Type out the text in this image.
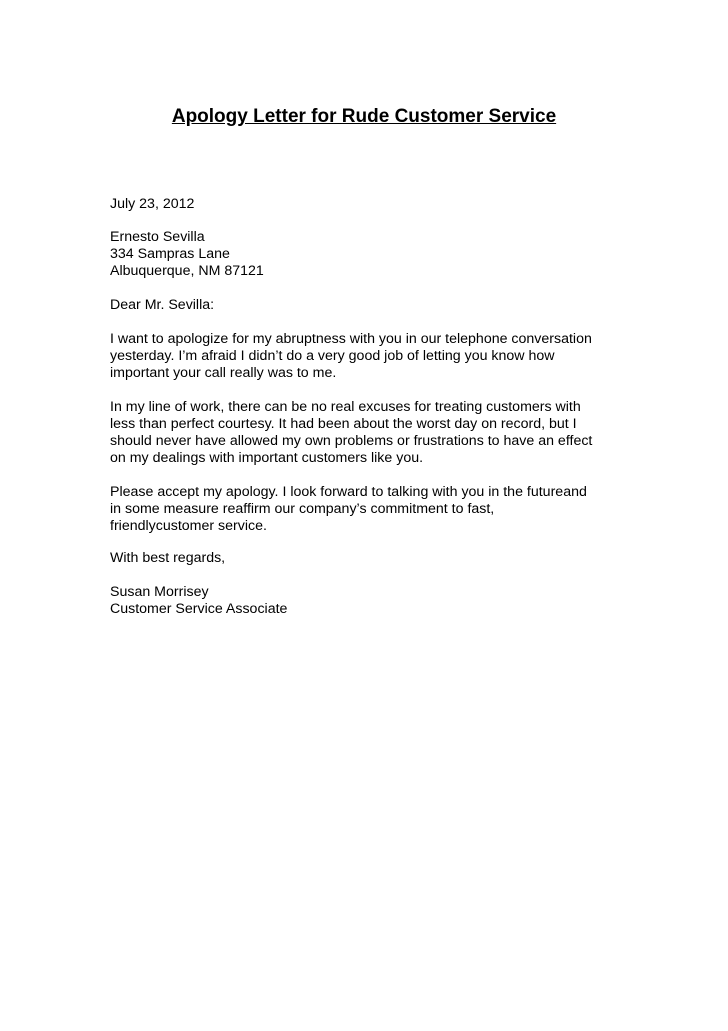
Apology Letter for Rude Customer Service

July 23, 2012

Ernesto Sevilla
334 Sampras Lane
Albuquerque, NM 87121

Dear Mr. Sevilla:

I want to apologize for my abruptness with you in our telephone conversation
yesterday. I’m afraid I didn’t do a very good job of letting you know how
important your call really was to me.
In my line of work, there can be no real excuses for treating customers with
less than perfect courtesy. It had been about the worst day on record, but I
should never have allowed my own problems or frustrations to have an effect
on my dealings with important customers like you.
Please accept my apology. I look forward to talking with you in the futureand
in some measure reaffirm our company’s commitment to fast,
friendlycustomer service.

With best regards,

Susan Morrisey
Customer Service Associate
